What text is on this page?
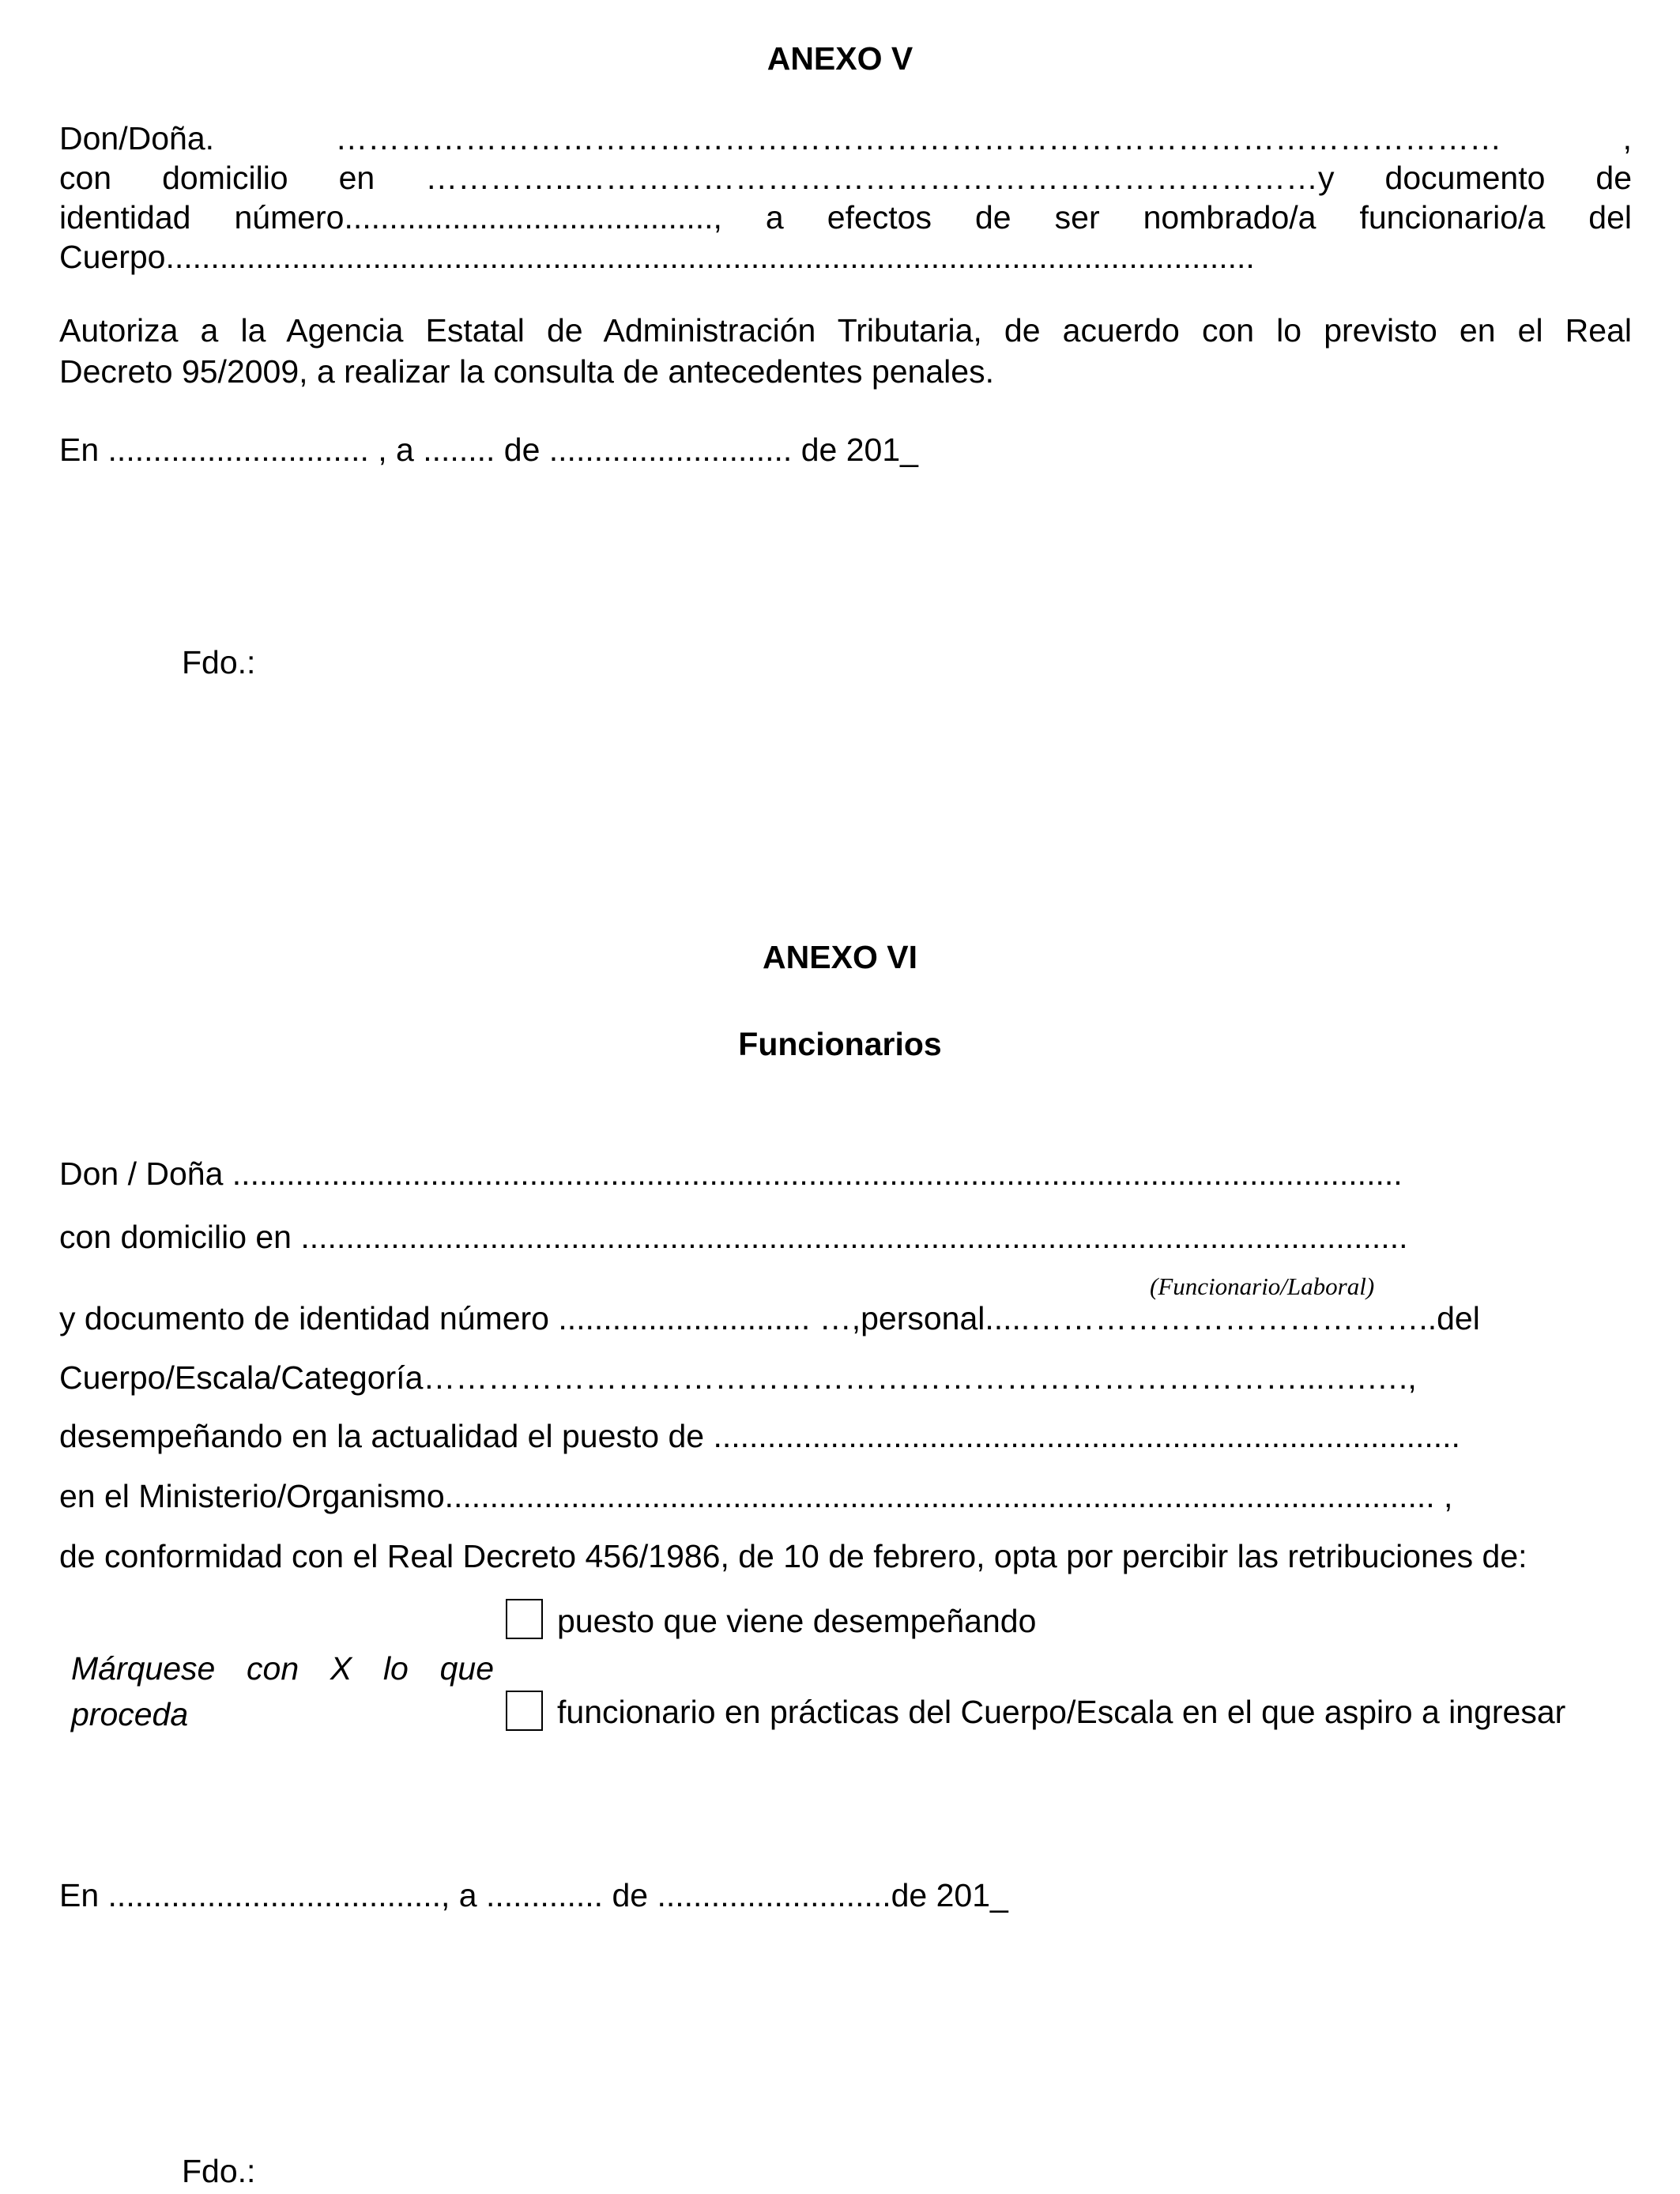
ANEXO V
Don/Doña. ……………………………………………………………………………………………… ,
con domicilio en …………..……………………………………………………………y documento de
identidad número........................................., a efectos de ser nombrado/a funcionario/a del
Cuerpo.........................................................................................................................
Autoriza a la Agencia Estatal de Administración Tributaria, de acuerdo con lo previsto en el Real
Decreto 95/2009, a realizar la consulta de antecedentes penales.
En ............................. , a ........ de ........................... de 201_
Fdo.:
ANEXO VI
Funcionarios
Don / Doña ..................................................................................................................................
con domicilio en ...........................................................................................................................
(Funcionario/Laboral)
y documento de identidad número ............................ …,personal.....………………………………..del
Cuerpo/Escala/Categoría………………………………………………………………………...….….,
desempeñando en la actualidad el puesto de ...................................................................................
en el Ministerio/Organismo.............................................................................................................. ,
de conformidad con el Real Decreto 456/1986, de 10 de febrero, opta por percibir las retribuciones de:
Márquese con X lo que proceda
puesto que viene desempeñando
funcionario en prácticas del Cuerpo/Escala en el que aspiro a ingresar
En ....................................., a ............. de ..........................de 201_
Fdo.:
